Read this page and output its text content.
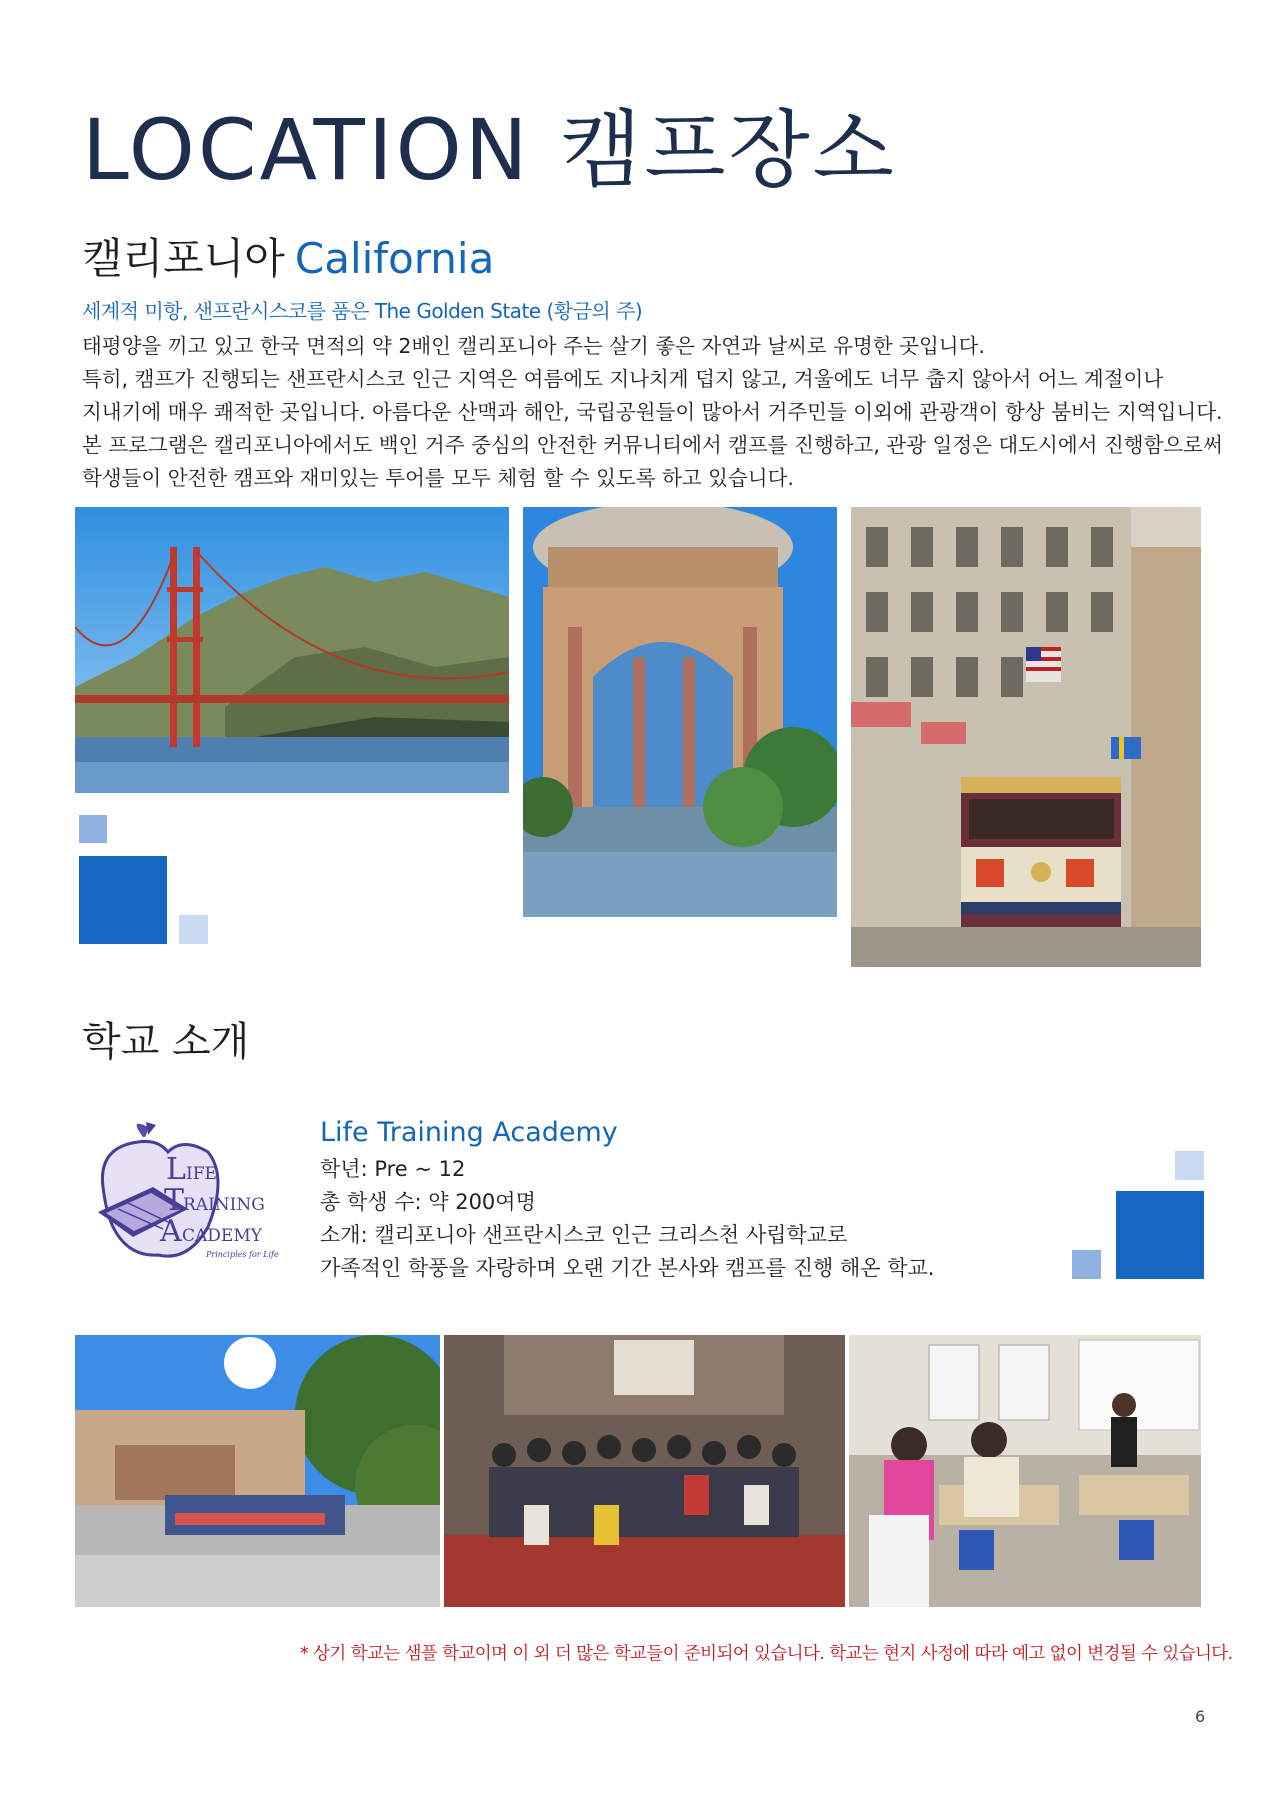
LOCATION 캠프장소
캘리포니아 California
세계적 미항, 샌프란시스코를 품은 The Golden State (황금의 주)
태평양을 끼고 있고 한국 면적의 약 2배인 캘리포니아 주는 살기 좋은 자연과 날씨로 유명한 곳입니다.
특히, 캠프가 진행되는 샌프란시스코 인근 지역은 여름에도 지나치게 덥지 않고, 겨울에도 너무 춥지 않아서 어느 계절이나
지내기에 매우 쾌적한 곳입니다. 아름다운 산맥과 해안, 국립공원들이 많아서 거주민들 이외에 관광객이 항상 붐비는 지역입니다.
본 프로그램은 캘리포니아에서도 백인 거주 중심의 안전한 커뮤니티에서 캠프를 진행하고, 관광 일정은 대도시에서 진행함으로써
학생들이 안전한 캠프와 재미있는 투어를 모두 체험 할 수 있도록 하고 있습니다.
학교 소개
L IFE
T
RAINING
A CADEMY
Principles for Life
Life Training Academy
학년: Pre ~ 12
총 학생 수: 약 200여명
소개: 캘리포니아 샌프란시스코 인근 크리스천 사립학교로
가족적인 학풍을 자랑하며 오랜 기간 본사와 캠프를 진행 해온 학교.
* 상기 학교는 샘플 학교이며 이 외 더 많은 학교들이 준비되어 있습니다. 학교는 현지 사정에 따라 예고 없이 변경될 수 있습니다.
6
